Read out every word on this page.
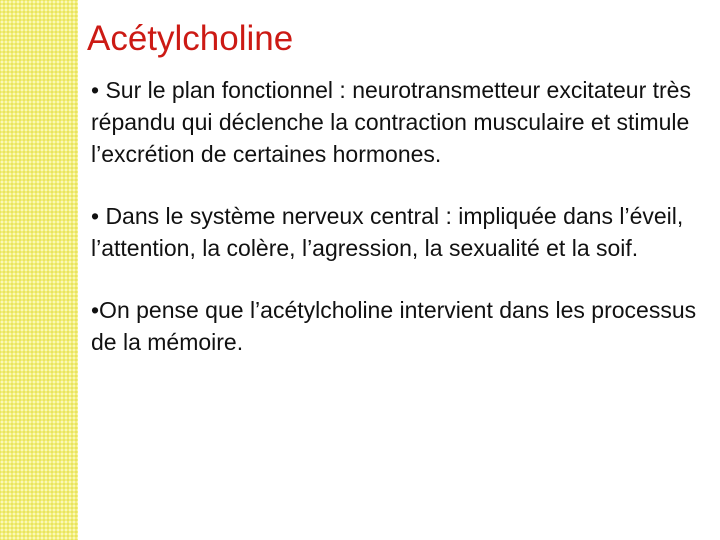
Acétylcholine

• Sur le plan fonctionnel : neurotransmetteur excitateur très répandu qui déclenche la contraction musculaire et stimule l’excrétion de certaines hormones.

• Dans le système nerveux central : impliquée dans l’éveil, l’attention, la colère, l’agression, la sexualité et la soif.

•On pense que l’acétylcholine intervient dans les processus de la mémoire.
